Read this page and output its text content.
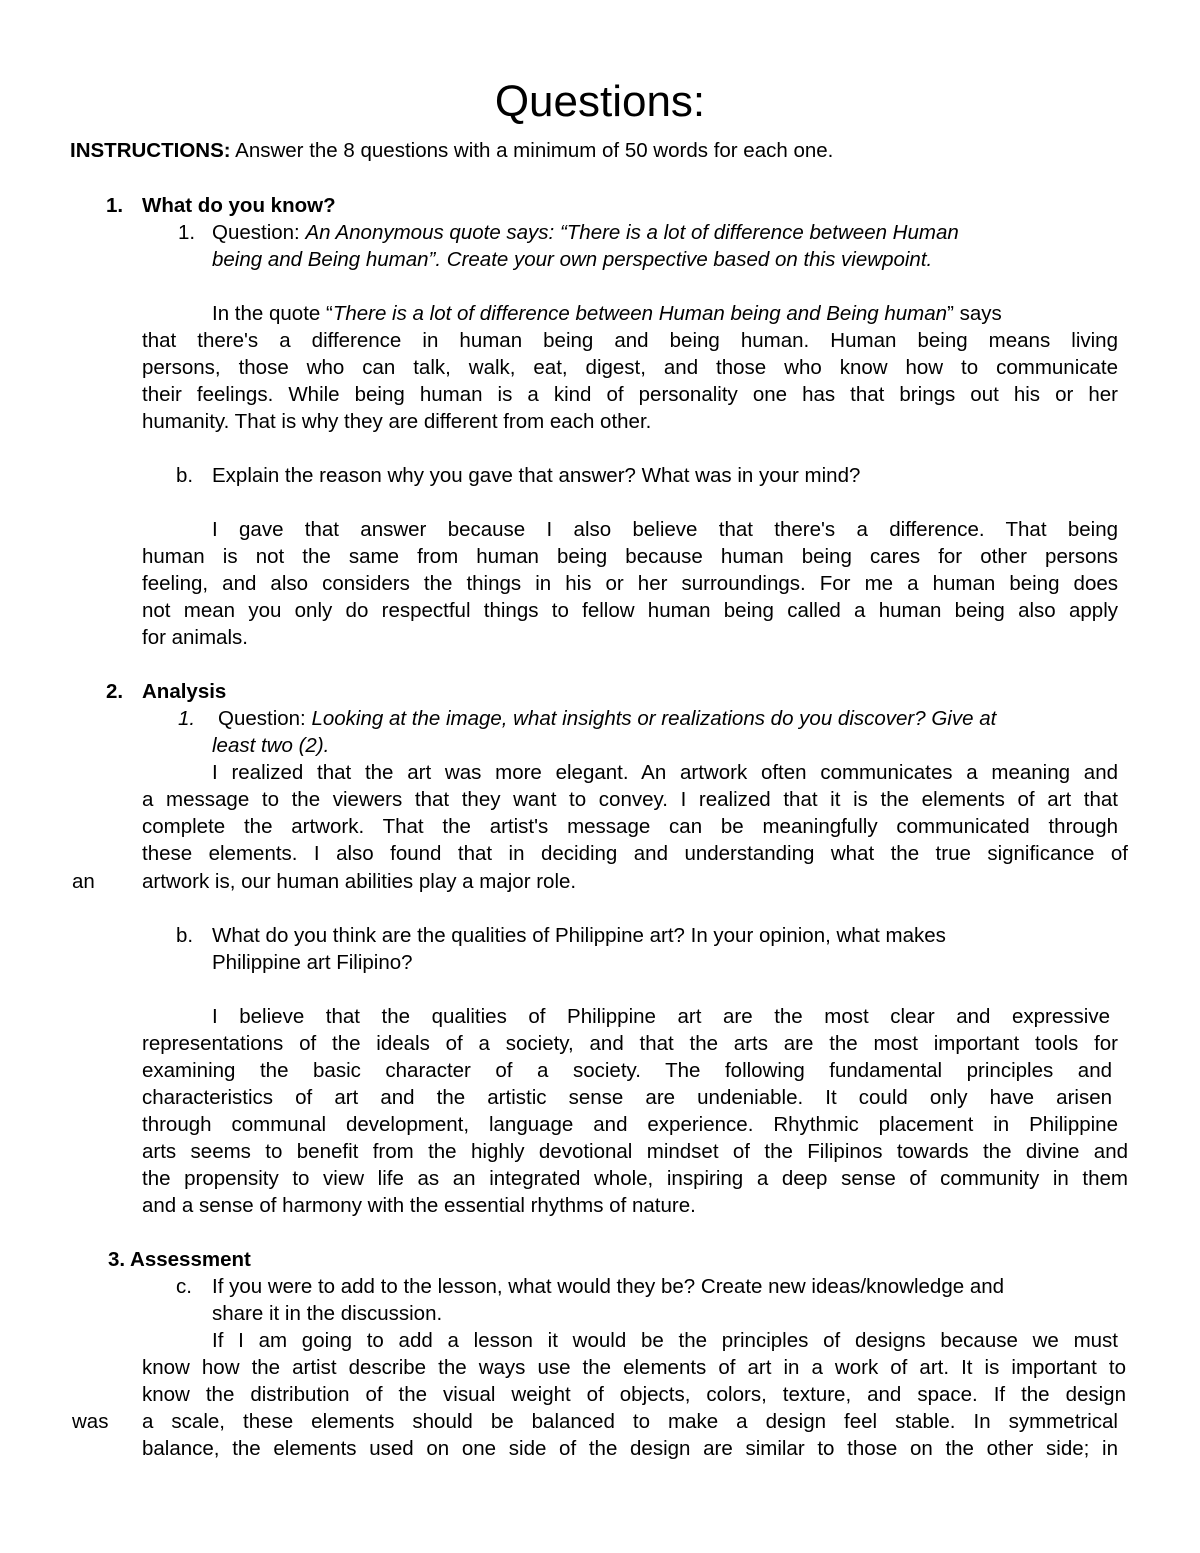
Questions:
INSTRUCTIONS: Answer the 8 questions with a minimum of 50 words for each one.
1. What do you know?
1. Question: An Anonymous quote says: “There is a lot of difference between Human
being and Being human”. Create your own perspective based on this viewpoint.
In the quote “There is a lot of difference between Human being and Being human” says
that there's a difference in human being and being human. Human being means living
persons, those who can talk, walk, eat, digest, and those who know how to communicate
their feelings. While being human is a kind of personality one has that brings out his or her
humanity. That is why they are different from each other.
b. Explain the reason why you gave that answer? What was in your mind?
I gave that answer because I also believe that there's a difference. That being
human is not the same from human being because human being cares for other persons
feeling, and also considers the things in his or her surroundings. For me a human being does
not mean you only do respectful things to fellow human being called a human being also apply
for animals.
2. Analysis
1. Question: Looking at the image, what insights or realizations do you discover? Give at
least two (2).
I realized that the art was more elegant. An artwork often communicates a meaning and
a message to the viewers that they want to convey. I realized that it is the elements of art that
complete the artwork. That the artist's message can be meaningfully communicated through
these elements. I also found that in deciding and understanding what the true significance of
an artwork is, our human abilities play a major role.
b. What do you think are the qualities of Philippine art? In your opinion, what makes
Philippine art Filipino?
I believe that the qualities of Philippine art are the most clear and expressive
representations of the ideals of a society, and that the arts are the most important tools for
examining the basic character of a society. The following fundamental principles and
characteristics of art and the artistic sense are undeniable. It could only have arisen
through communal development, language and experience. Rhythmic placement in Philippine
arts seems to benefit from the highly devotional mindset of the Filipinos towards the divine and
the propensity to view life as an integrated whole, inspiring a deep sense of community in them
and a sense of harmony with the essential rhythms of nature.
3. Assessment
c. If you were to add to the lesson, what would they be? Create new ideas/knowledge and
share it in the discussion.
If I am going to add a lesson it would be the principles of designs because we must
know how the artist describe the ways use the elements of art in a work of art. It is important to
know the distribution of the visual weight of objects, colors, texture, and space. If the design
was a scale, these elements should be balanced to make a design feel stable. In symmetrical
balance, the elements used on one side of the design are similar to those on the other side; in
